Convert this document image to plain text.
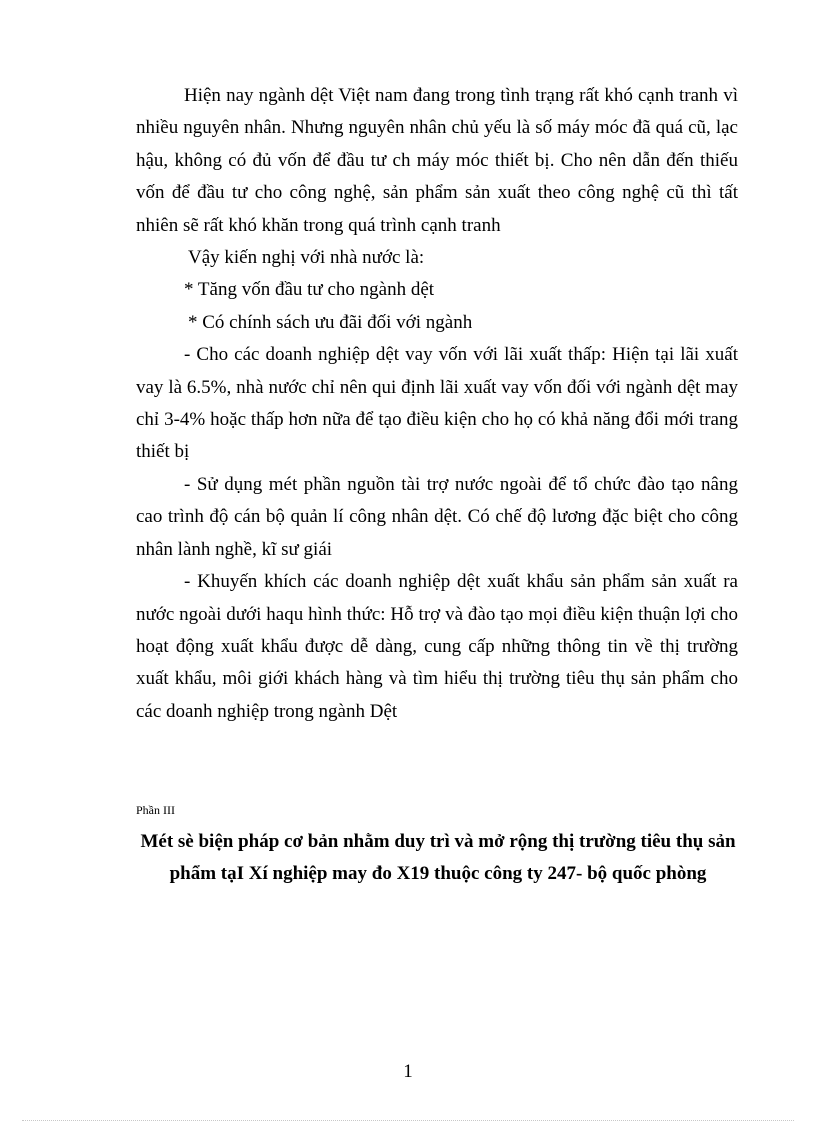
Hiện nay ngành dệt Việt nam đang trong tình trạng rất khó cạnh tranh vì nhiều nguyên nhân. Nhưng nguyên nhân chủ yếu là số máy móc đã quá cũ, lạc hậu, không có đủ vốn để đầu tư ch máy móc thiết bị. Cho nên dẫn đến thiếu vốn để đầu tư cho công nghệ, sản phẩm sản xuất theo công nghệ cũ thì tất nhiên sẽ rất khó khăn trong quá trình cạnh tranh

Vậy kiến nghị với nhà nước là:

* Tăng vốn đầu tư cho ngành dệt

* Có chính sách ưu đãi đối với ngành

- Cho các doanh nghiệp dệt vay vốn với lãi xuất thấp: Hiện tại lãi xuất vay là 6.5%, nhà nước chỉ nên qui định lãi xuất vay vốn đối với ngành dệt may chỉ 3-4% hoặc thấp hơn nữa để tạo điều kiện cho họ có khả năng đổi mới trang thiết bị

- Sử dụng mét phần nguồn tài trợ nước ngoài để tổ chức đào tạo nâng cao trình độ cán bộ quản lí công nhân dệt. Có chế độ lương đặc biệt cho công nhân lành nghề, kĩ sư giái

- Khuyến khích các doanh nghiệp dệt xuất khẩu sản phẩm sản xuất ra nước ngoài dưới haqu hình thức: Hỗ trợ và đào tạo mọi điều kiện thuận lợi cho hoạt động xuất khẩu được dễ dàng, cung cấp những thông tin về thị trường xuất khẩu, môi giới khách hàng và tìm hiểu thị trường tiêu thụ sản phẩm cho các doanh nghiệp trong ngành Dệt

Phần III
Mét sè biện pháp cơ bản nhằm duy trì và mở rộng thị trường tiêu thụ sản phẩm tạI Xí nghiệp may đo X19 thuộc công ty 247- bộ quốc phòng
1
